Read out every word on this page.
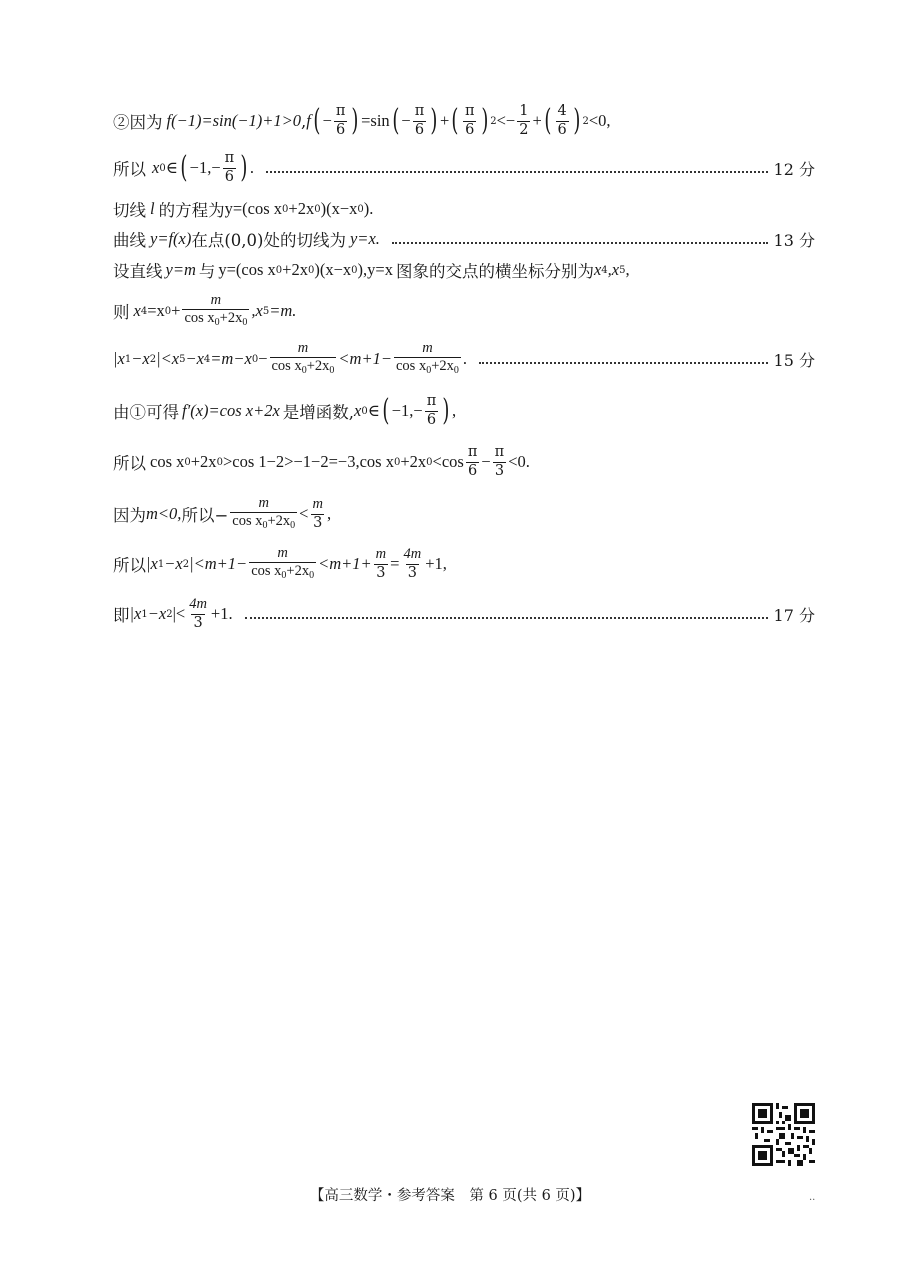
②因为 f(−1)=sin(−1)+1>0 , f ( − $\frac{\pi}{6}$ ) =sin ( − $\frac{\pi}{6}$ ) + ( $\frac{\pi}{6}$ ) $2 <- \frac{1}{2}$ + ( $\frac{4}{6}$ ) 2 <0,
所以 x 0 ∈ ( $-1,- \frac{\pi}{6}$ ) .	12 分
切线 l 的方程为 y=(cos x 0 +2x 0 )(x−x 0 ).
曲线 y=f(x) 在点(0,0)处的切线为 y=x.	13 分
设直线 y=m 与 y=(cos x 0 +2x 0 )(x−x 0 ),y=x 图象的交点的横坐标分别为 x 4 ,x 5 ,
则 x 4 =x $0 + \frac{m}{\cos x_0+2x_0} ,x$ 5 =m.
|x 1 −x 2 |<x 5 −x 4 =m−x $0 - \frac{m}{\cos x_0+2x_0} <m+1- \frac{m}{\cos x_0+2x_0}$ .	15 分
由①可得 f′(x)=cos x+2x 是增函数, x 0 ∈ ( $-1,- \frac{\pi}{6}$ ) ,
所以 cos x 0 +2x 0 >cos 1−2>−1−2=−3,cos x 0 +2x $0 <\cos \frac{\pi}{6} - \frac{\pi}{3} <0$.
因为 m<0, 所以− $\frac{m}{\cos x_0+2x_0} < \frac{m}{3}$ ,
所以 |x 1 −x 2 $|<m+1- \frac{m}{\cos x_0+2x_0} <m+1+ \frac{m}{3} = \frac{4m}{3} +1$,
即 |x 1 −x 2 |< $\frac{4m}{3} +1$.	17 分
【高三数学・参考答案　第 6 页(共 6 页)】	..
